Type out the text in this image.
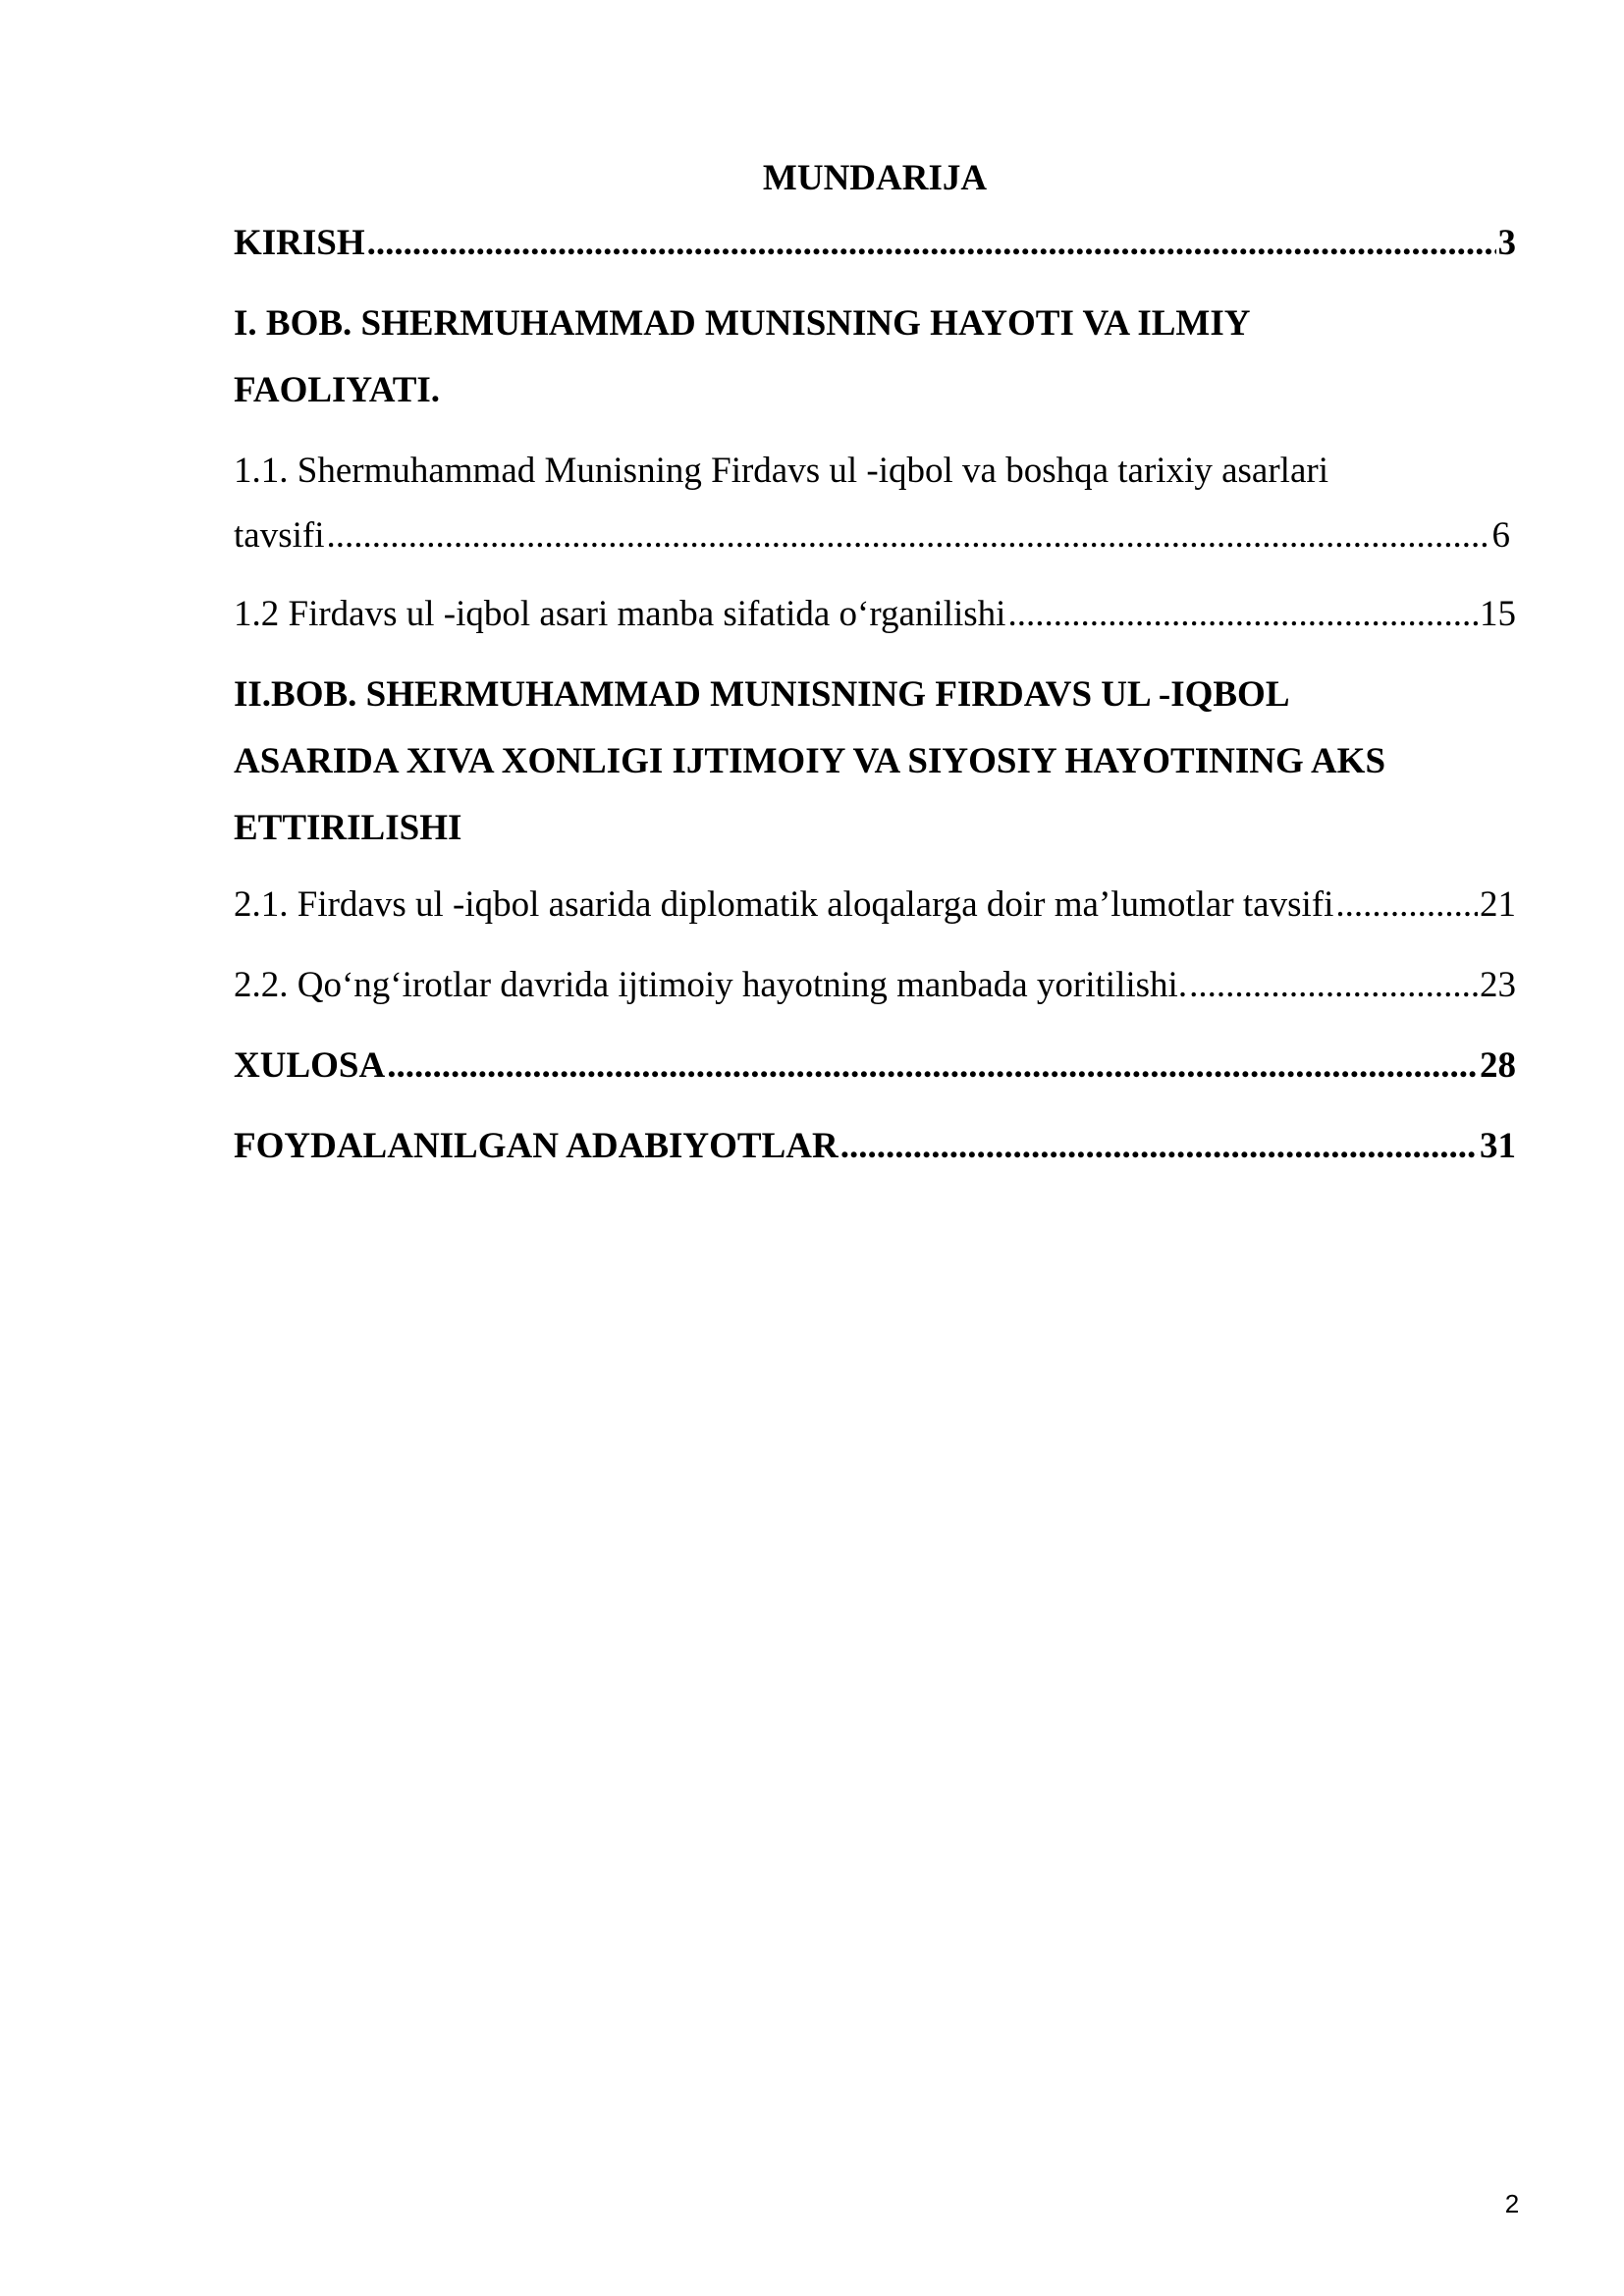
MUNDARIJA
KIRISH .....	3
I. BOB. SHERMUHAMMAD MUNISNING HAYOTI VA ILMIY
FAOLIYATI.
1.1. Shermuhammad Munisning Firdavs ul -iqbol va boshqa tarixiy asarlari
tavsifi .....	6
1.2 Firdavs ul -iqbol asari manba sifatida o‘rganilishi .....	15
II.BOB. SHERMUHAMMAD MUNISNING FIRDAVS UL -IQBOL
ASARIDA XIVA XONLIGI IJTIMOIY VA SIYOSIY HAYOTINING AKS
ETTIRILISHI
2.1. Firdavs ul -iqbol asarida diplomatik aloqalarga doir ma’lumotlar tavsifi .....	21
2.2. Qo‘ng‘irotlar davrida ijtimoiy hayotning manbada yoritilishi. .....	23
XULOSA .....	28
FOYDALANILGAN ADABIYOTLAR .....	31
2
